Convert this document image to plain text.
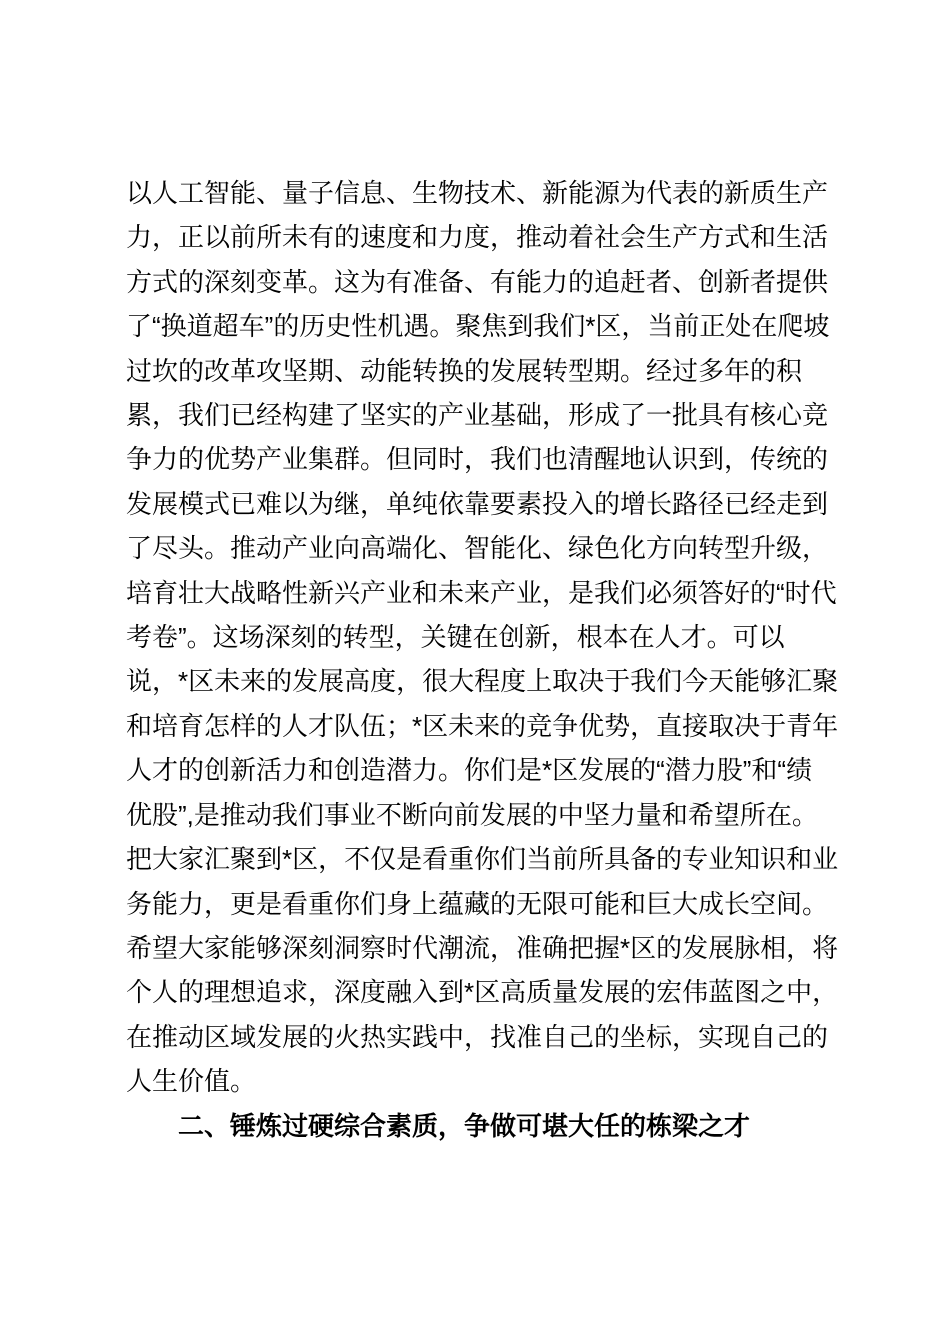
以人工智能、量子信息、生物技术、新能源为代表的新质生产
力，正以前所未有的速度和力度，推动着社会生产方式和生活
方式的深刻变革。这为有准备、有能力的追赶者、创新者提供
了“换道超车”的历史性机遇。聚焦到我们*区，当前正处在爬坡
过坎的改革攻坚期、动能转换的发展转型期。经过多年的积
累，我们已经构建了坚实的产业基础，形成了一批具有核心竞
争力的优势产业集群。但同时，我们也清醒地认识到，传统的
发展模式已难以为继，单纯依靠要素投入的增长路径已经走到
了尽头。推动产业向高端化、智能化、绿色化方向转型升级，
培育壮大战略性新兴产业和未来产业，是我们必须答好的“时代
考卷”。这场深刻的转型，关键在创新，根本在人才。可以
说，*区未来的发展高度，很大程度上取决于我们今天能够汇聚
和培育怎样的人才队伍；*区未来的竞争优势，直接取决于青年
人才的创新活力和创造潜力。你们是*区发展的“潜力股”和“绩
优股”,是推动我们事业不断向前发展的中坚力量和希望所在。
把大家汇聚到*区，不仅是看重你们当前所具备的专业知识和业
务能力，更是看重你们身上蕴藏的无限可能和巨大成长空间。
希望大家能够深刻洞察时代潮流，准确把握*区的发展脉相，将
个人的理想追求，深度融入到*区高质量发展的宏伟蓝图之中，
在推动区域发展的火热实践中，找准自己的坐标，实现自己的
人生价值。
二、锤炼过硬综合素质，争做可堪大任的栋梁之才
